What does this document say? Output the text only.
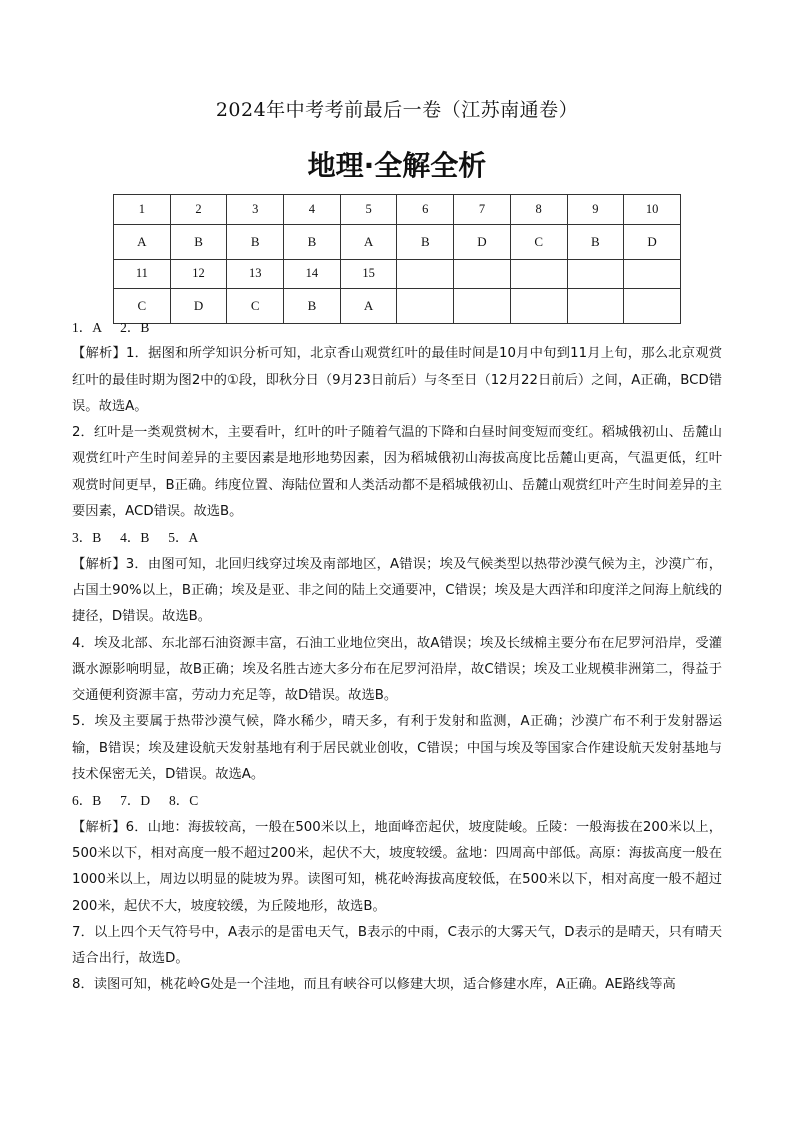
2024年中考考前最后一卷（江苏南通卷）
地理·全解全析
1	2	3	4	5	6	7	8	9	10
A	B	B	B	A	B	D	C	B	D
11	12	13	14	15					
C	D	C	B	A					

1．A　 2．B

【解析】1．据图和所学知识分析可知，北京香山观赏红叶的最佳时间是10月中旬到11月上旬，那么北京观赏红叶的最佳时期为图2中的①段，即秋分日（9月23日前后）与冬至日（12月22日前后）之间，A正确，BCD错误。故选A。

2．红叶是一类观赏树木，主要看叶，红叶的叶子随着气温的下降和白昼时间变短而变红。稻城俄初山、岳麓山观赏红叶产生时间差异的主要因素是地形地势因素，因为稻城俄初山海拔高度比岳麓山更高，气温更低，红叶观赏时间更早，B正确。纬度位置、海陆位置和人类活动都不是稻城俄初山、岳麓山观赏红叶产生时间差异的主要因素，ACD错误。故选B。

3．B　 4．B　 5．A

【解析】3．由图可知，北回归线穿过埃及南部地区，A错误；埃及气候类型以热带沙漠气候为主，沙漠广布，占国土90%以上，B正确；埃及是亚、非之间的陆上交通要冲，C错误；埃及是大西洋和印度洋之间海上航线的捷径，D错误。故选B。

4．埃及北部、东北部石油资源丰富，石油工业地位突出，故A错误；埃及长绒棉主要分布在尼罗河沿岸，受灌溉水源影响明显，故B正确；埃及名胜古迹大多分布在尼罗河沿岸，故C错误；埃及工业规模非洲第二，得益于交通便利资源丰富，劳动力充足等，故D错误。故选B。

5．埃及主要属于热带沙漠气候，降水稀少，晴天多，有利于发射和监测，A正确；沙漠广布不利于发射器运输，B错误；埃及建设航天发射基地有利于居民就业创收，C错误；中国与埃及等国家合作建设航天发射基地与技术保密无关，D错误。故选A。

6．B　 7．D　 8．C

【解析】6．山地：海拔较高，一般在500米以上，地面峰峦起伏，坡度陡峻。丘陵：一般海拔在200米以上，500米以下，相对高度一般不超过200米，起伏不大，坡度较缓。盆地：四周高中部低。高原：海拔高度一般在1000米以上，周边以明显的陡坡为界。读图可知，桃花岭海拔高度较低，在500米以下，相对高度一般不超过200米，起伏不大，坡度较缓，为丘陵地形，故选B。

7．以上四个天气符号中，A表示的是雷电天气，B表示的中雨，C表示的大雾天气，D表示的是晴天，只有晴天适合出行，故选D。

8．读图可知，桃花岭G处是一个洼地，而且有峡谷可以修建大坝，适合修建水库，A正确。AE路线等高
